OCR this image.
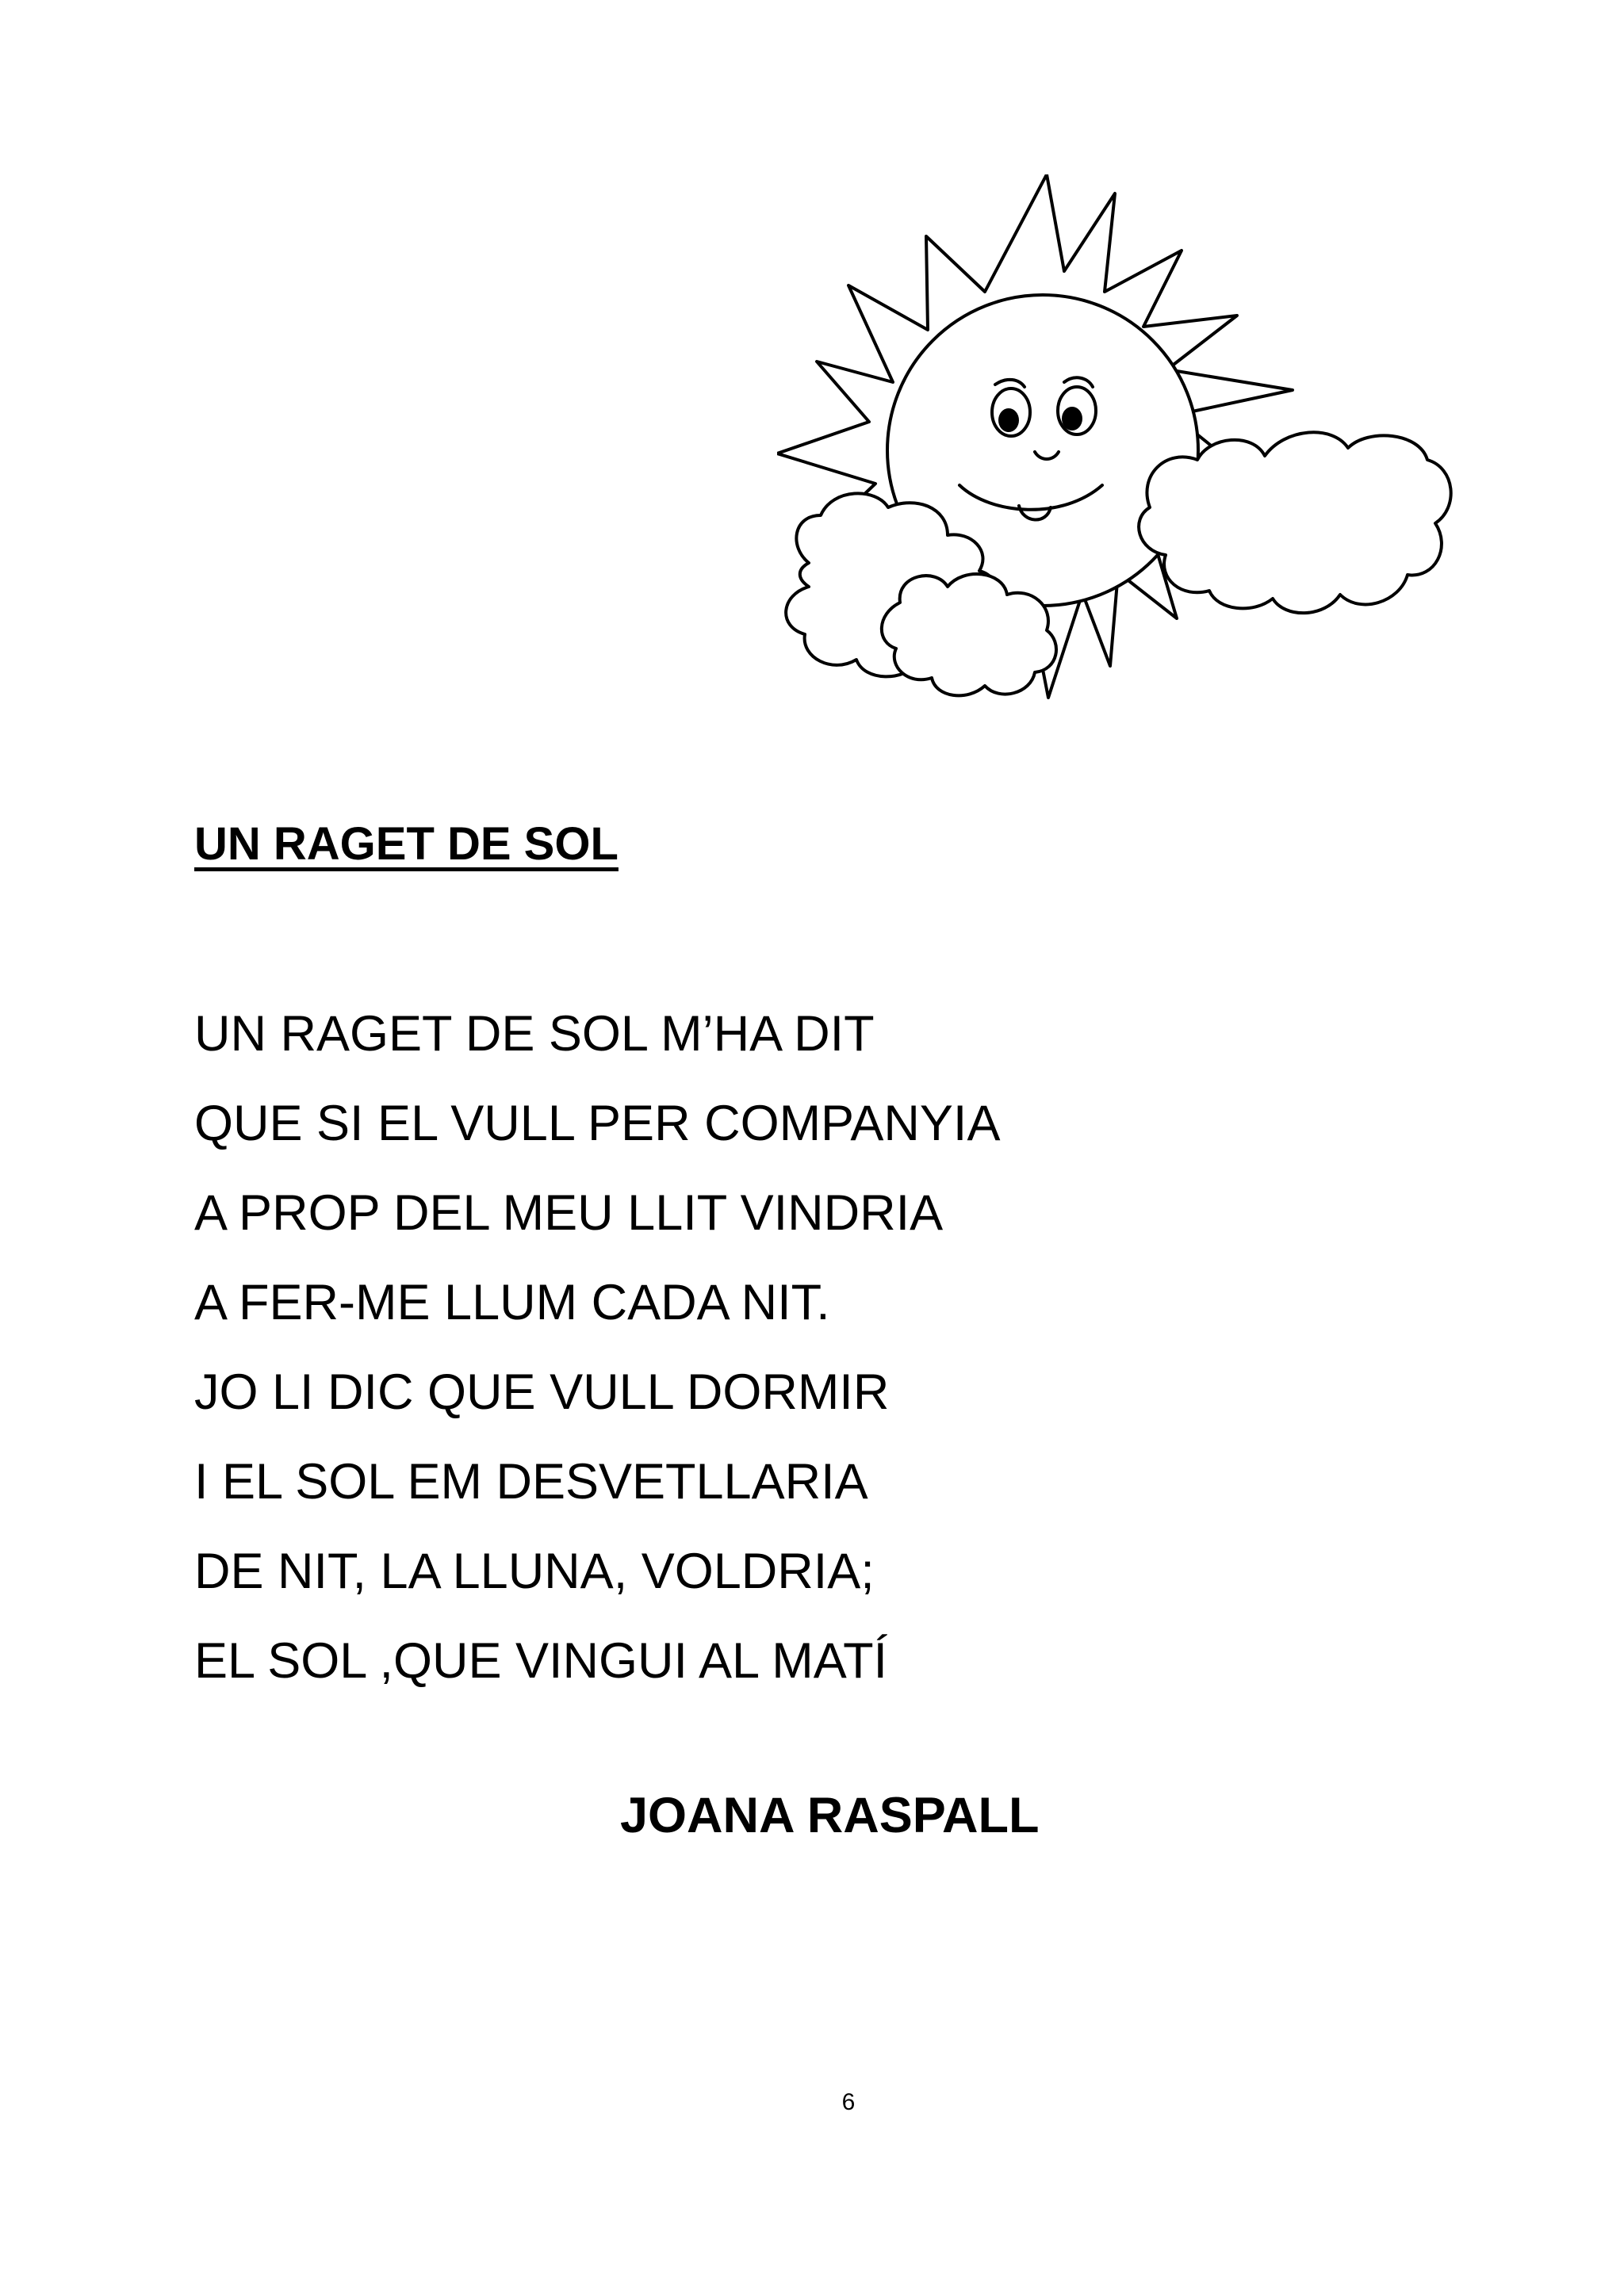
UN RAGET DE SOL
UN RAGET DE SOL M’HA DIT
QUE SI EL VULL PER COMPANYIA
A PROP DEL MEU LLIT VINDRIA
A FER-ME LLUM CADA NIT.
JO LI DIC QUE VULL DORMIR
I EL SOL EM DESVETLLARIA
DE NIT, LA LLUNA, VOLDRIA;
EL SOL ,QUE VINGUI AL MATÍ

JOANA RASPALL

6
